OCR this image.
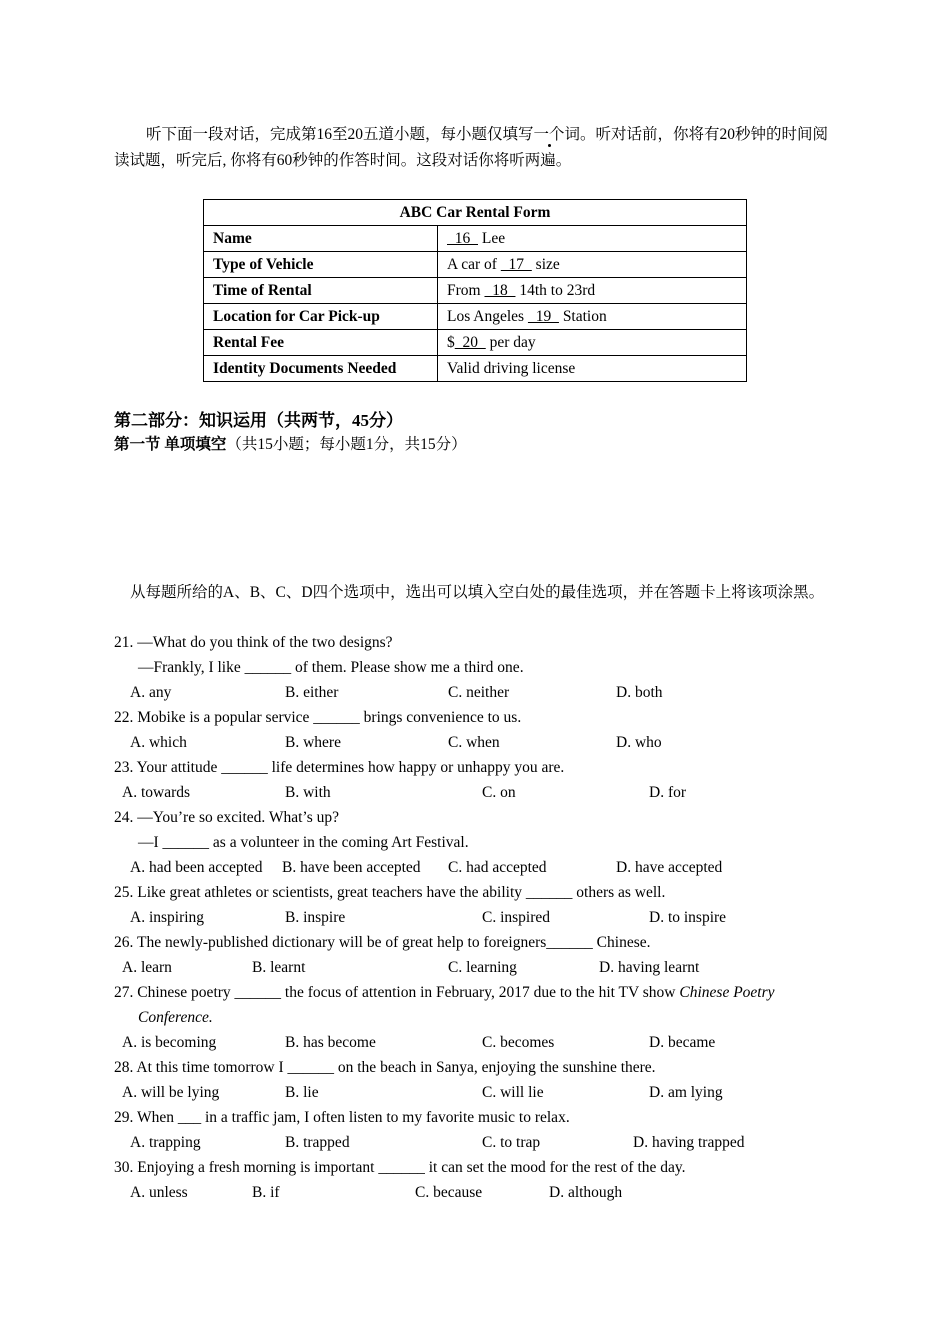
听下面一段对话，完成第16至20五道小题，每小题仅填写一个词。听对话前，你将有20秒钟的时间阅读试题，听完后, 你将有60秒钟的作答时间。这段对话你将听两遍。

ABC Car Rental Form	
Name	16   Lee
Type of Vehicle	A car of   17   size
Time of Rental	From   18   14th to 23rd
Location for Car Pick-up	Los Angeles   19   Station
Rental Fee	$  20   per day
Identity Documents Needed	Valid driving license
第二部分：知识运用（共两节，45分）
第一节 单项填空（共15小题；每小题1分，共15分）
从每题所给的A、B、C、D四个选项中，选出可以填入空白处的最佳选项，并在答题卡上将该项涂黑。
21. —What do you think of the two designs?
—Frankly, I like ______ of them. Please show me a third one.
A. any	B. either	C. neither	D. both
22. Mobike is a popular service ______ brings convenience to us.
A. which	B. where	C. when	D. who
23. Your attitude ______ life determines how happy or unhappy you are.
A. towards	B. with	C. on	D. for
24. —You’re so excited. What’s up?
—I ______ as a volunteer in the coming Art Festival.
A. had been accepted B. have been accepted C. had accepted	D. have accepted
25. Like great athletes or scientists, great teachers have the ability ______ others as well.
A. inspiring	B. inspire	C. inspired	D. to inspire
26. The newly-published dictionary will be of great help to foreigners______ Chinese.
A. learn	B. learnt	C. learning	D. having learnt
27. Chinese poetry ______ the focus of attention in February, 2017 due to the hit TV show Chinese Poetry
Conference.
A. is becoming	B. has become	C. becomes	D. became
28. At this time tomorrow I ______ on the beach in Sanya, enjoying the sunshine there.
A. will be lying	B. lie	C. will lie	D. am lying
29. When ___ in a traffic jam, I often listen to my favorite music to relax.
A. trapping	B. trapped	C. to trap	D. having trapped
30. Enjoying a fresh morning is important ______ it can set the mood for the rest of the day.
A. unless	B. if	C. because	D. although
